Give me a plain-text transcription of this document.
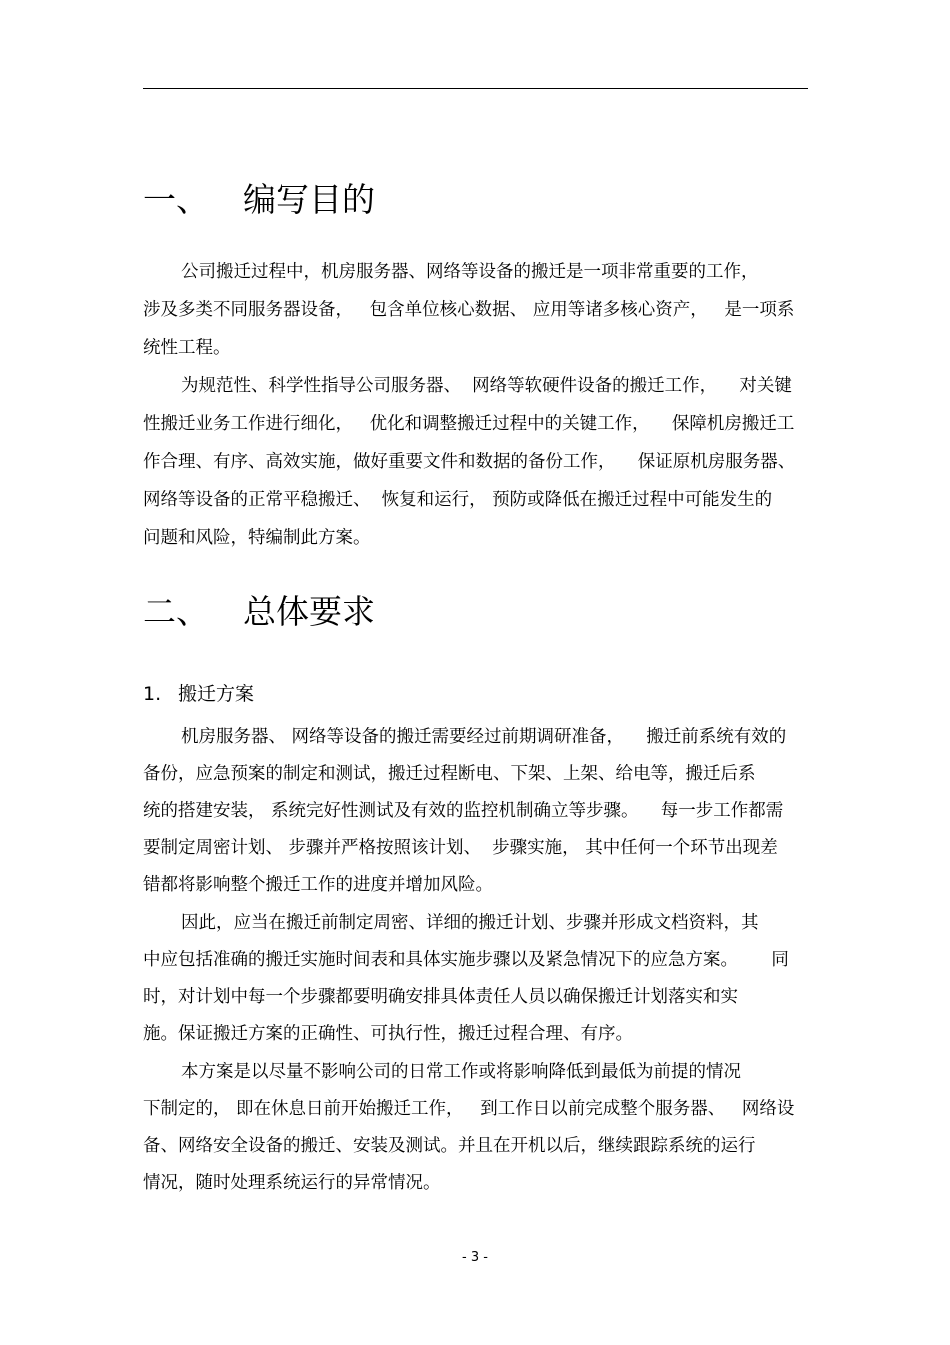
一、 编写目的
公司搬迁过程中，机房服务器、网络等设备的搬迁是一项非常重要的工作，
涉及多类不同服务器设备，   包含单位核心数据、 应用等诸多核心资产，   是一项系
统性工程。
为规范性、科学性指导公司服务器、  网络等软硬件设备的搬迁工作，    对关键
性搬迁业务工作进行细化，   优化和调整搬迁过程中的关键工作，    保障机房搬迁工
作合理、有序、高效实施，做好重要文件和数据的备份工作，    保证原机房服务器、
网络等设备的正常平稳搬迁、  恢复和运行， 预防或降低在搬迁过程中可能发生的
问题和风险，特编制此方案。
二、 总体要求
1. 搬迁方案
机房服务器、 网络等设备的搬迁需要经过前期调研准备，    搬迁前系统有效的
备份，应急预案的制定和测试，搬迁过程断电、下架、上架、给电等，搬迁后系
统的搭建安装， 系统完好性测试及有效的监控机制确立等步骤。    每一步工作都需
要制定周密计划、 步骤并严格按照该计划、  步骤实施， 其中任何一个环节出现差
错都将影响整个搬迁工作的进度并增加风险。
因此，应当在搬迁前制定周密、详细的搬迁计划、步骤并形成文档资料，其
中应包括准确的搬迁实施时间表和具体实施步骤以及紧急情况下的应急方案。      同
时，对计划中每一个步骤都要明确安排具体责任人员以确保搬迁计划落实和实
施。保证搬迁方案的正确性、可执行性，搬迁过程合理、有序。
本方案是以尽量不影响公司的日常工作或将影响降低到最低为前提的情况
下制定的， 即在休息日前开始搬迁工作，   到工作日以前完成整个服务器、   网络设
备、网络安全设备的搬迁、安装及测试。并且在开机以后，继续跟踪系统的运行
情况，随时处理系统运行的异常情况。
- 3 -
